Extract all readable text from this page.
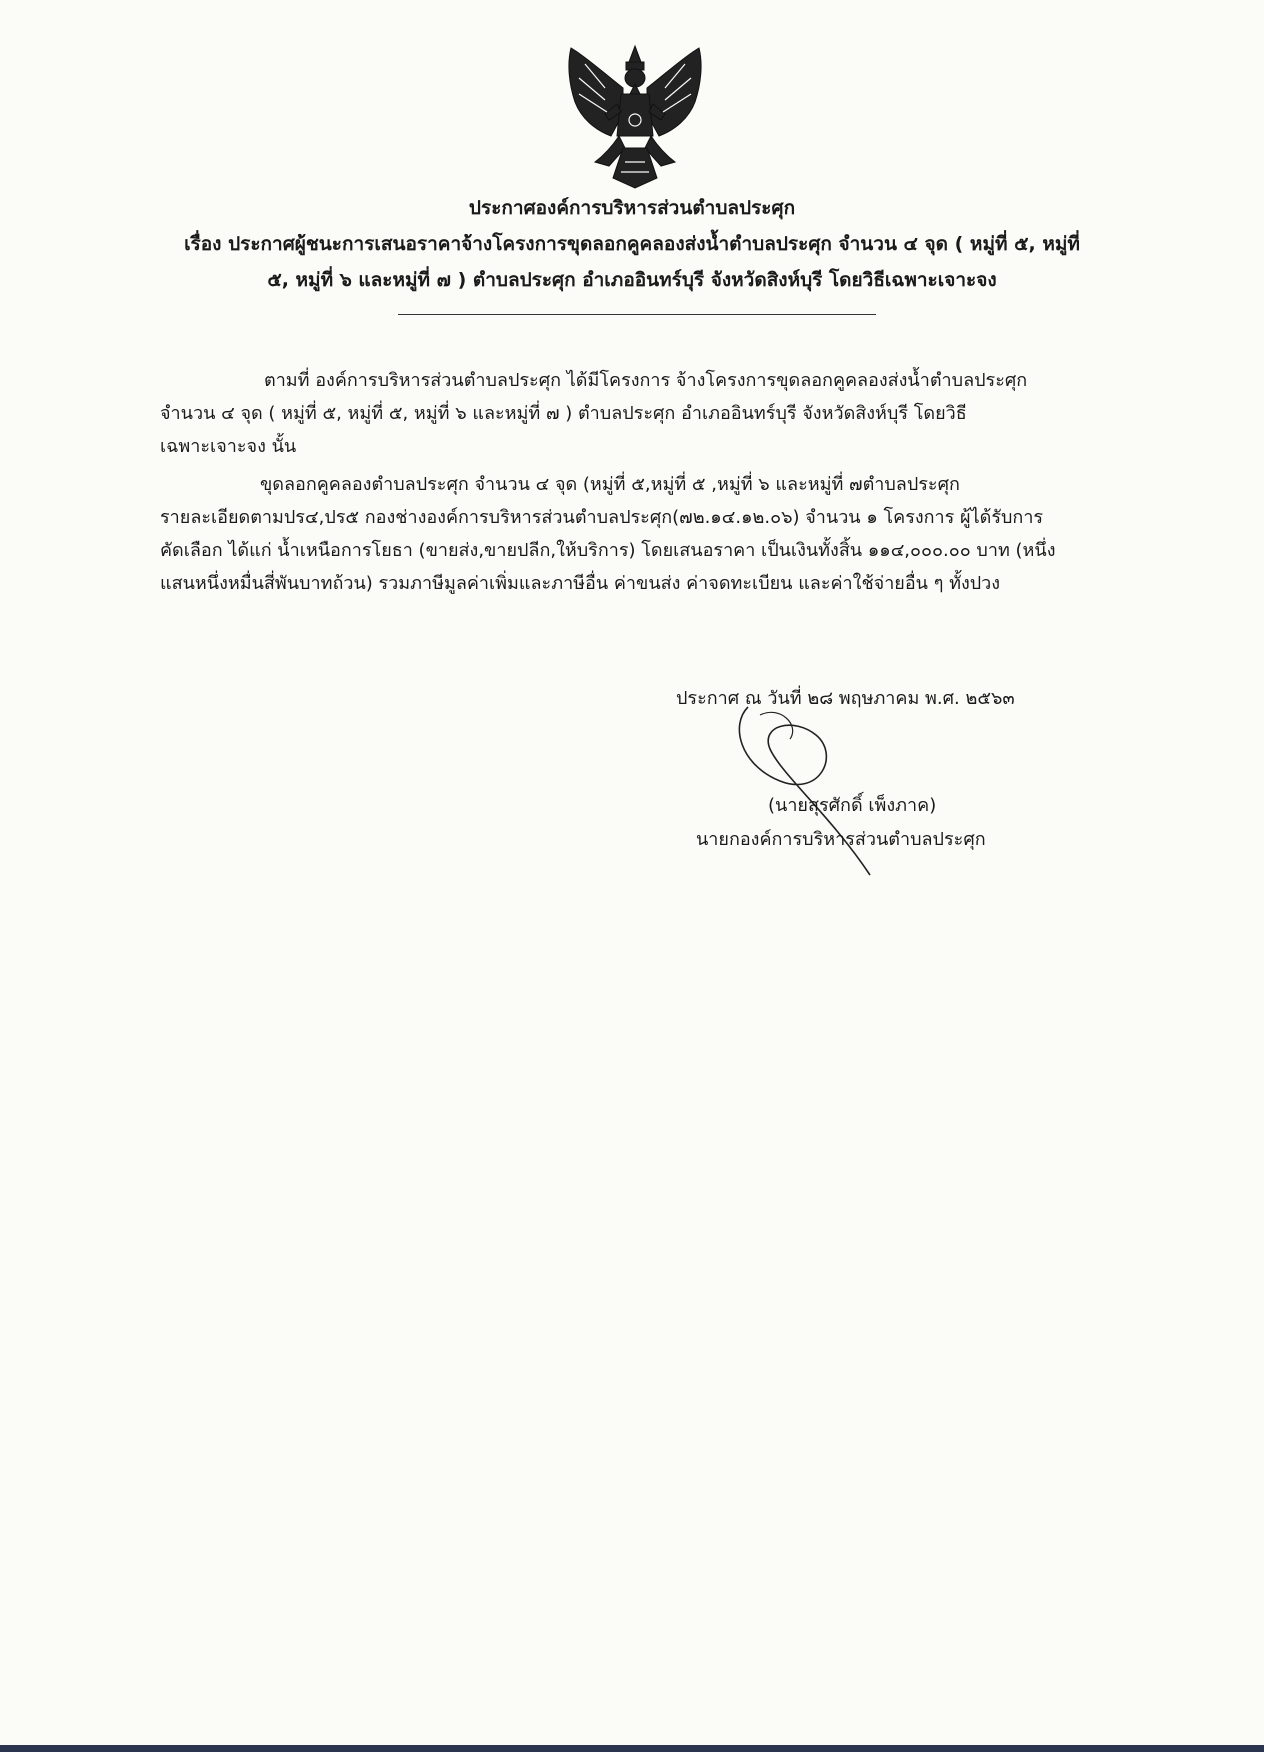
ประกาศองค์การบริหารส่วนตำบลประศุก
เรื่อง ประกาศผู้ชนะการเสนอราคาจ้างโครงการขุดลอกคูคลองส่งน้ำตำบลประศุก จำนวน ๔ จุด ( หมู่ที่ ๕, หมู่ที่
๕, หมู่ที่ ๖ และหมู่ที่ ๗ ) ตำบลประศุก อำเภออินทร์บุรี จังหวัดสิงห์บุรี โดยวิธีเฉพาะเจาะจง
ตามที่ องค์การบริหารส่วนตำบลประศุก ได้มีโครงการ จ้างโครงการขุดลอกคูคลองส่งน้ำตำบลประศุก
จำนวน ๔ จุด ( หมู่ที่ ๕, หมู่ที่ ๕, หมู่ที่ ๖ และหมู่ที่ ๗ ) ตำบลประศุก อำเภออินทร์บุรี จังหวัดสิงห์บุรี โดยวิธี
เฉพาะเจาะจง นั้น
ขุดลอกคูคลองตำบลประศุก จำนวน ๔ จุด (หมู่ที่ ๕,หมู่ที่ ๕ ,หมู่ที่ ๖ และหมู่ที่ ๗ตำบลประศุก
รายละเอียดตามปร๔,ปร๕ กองช่างองค์การบริหารส่วนตำบลประศุก(๗๒.๑๔.๑๒.๐๖) จำนวน ๑ โครงการ ผู้ได้รับการ
คัดเลือก ได้แก่ น้ำเหนือการโยธา (ขายส่ง,ขายปลีก,ให้บริการ) โดยเสนอราคา เป็นเงินทั้งสิ้น ๑๑๔,๐๐๐.๐๐ บาท (หนึ่ง
แสนหนึ่งหมื่นสี่พันบาทถ้วน) รวมภาษีมูลค่าเพิ่มและภาษีอื่น ค่าขนส่ง ค่าจดทะเบียน และค่าใช้จ่ายอื่น ๆ ทั้งปวง
ประกาศ ณ วันที่ ๒๘ พฤษภาคม พ.ศ. ๒๕๖๓
(นายสุรศักดิ์ เพ็งภาค)
นายกองค์การบริหารส่วนตำบลประศุก
